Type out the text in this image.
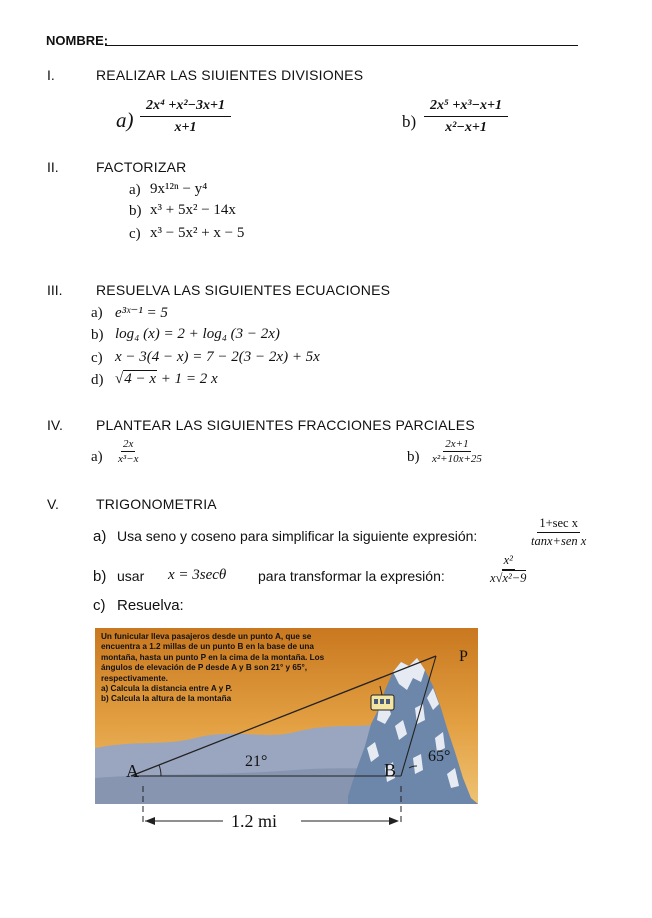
NOMBRE:
I.	REALIZAR LAS SIUIENTES DIVISIONES
$a) \frac{\text{2x⁴ +x²−3x+1}}{x+1}$	$b) \frac{\text{2x⁵ +x³−x+1}}{\text{x²−x+1}}$
II.	FACTORIZAR
a) 9x¹²ⁿ − y⁴
b) x³ + 5x² − 14x
c) x³ − 5x² + x − 5
III. RESUELVA LAS SIGUIENTES ECUACIONES
a) e³ˣ⁻¹ = 5
b) log₄ (x) = 2 + log₄ (3 − 2x)
c) x − 3(4 − x) = 7 − 2(3 − 2x) + 5x
d) √4 − x + 1 = 2 x
IV. PLANTEAR LAS SIGUIENTES FRACCIONES PARCIALES
$a) \frac{2x}{\text{x³−x}}$	$b) \frac{2x+1}{\text{x²+10x+25}}$
V.	TRIGONOMETRIA
a) Usa seno y coseno para simplificar la siguiente expresión:	$\frac{\text{1+sec x}}{\text{tanx+sen x}}$
b) usar x = 3secθ para transformar la expresión:	$\frac{\text{x²}}{\text{x√x²−9}}$
c) Resuelva:
Un funicular lleva pasajeros desde un punto A, que se encuentra a 1.2 millas de un punto B en la base de una montaña, hasta un punto P en la cima de la montaña. Los ángulos de elevación de P desde A y B son 21° y 65°, respectivamente.
a) Calcula la distancia entre A y P.
b) Calcula la altura de la montaña
P
A	B
21°	65°
1.2 mi
